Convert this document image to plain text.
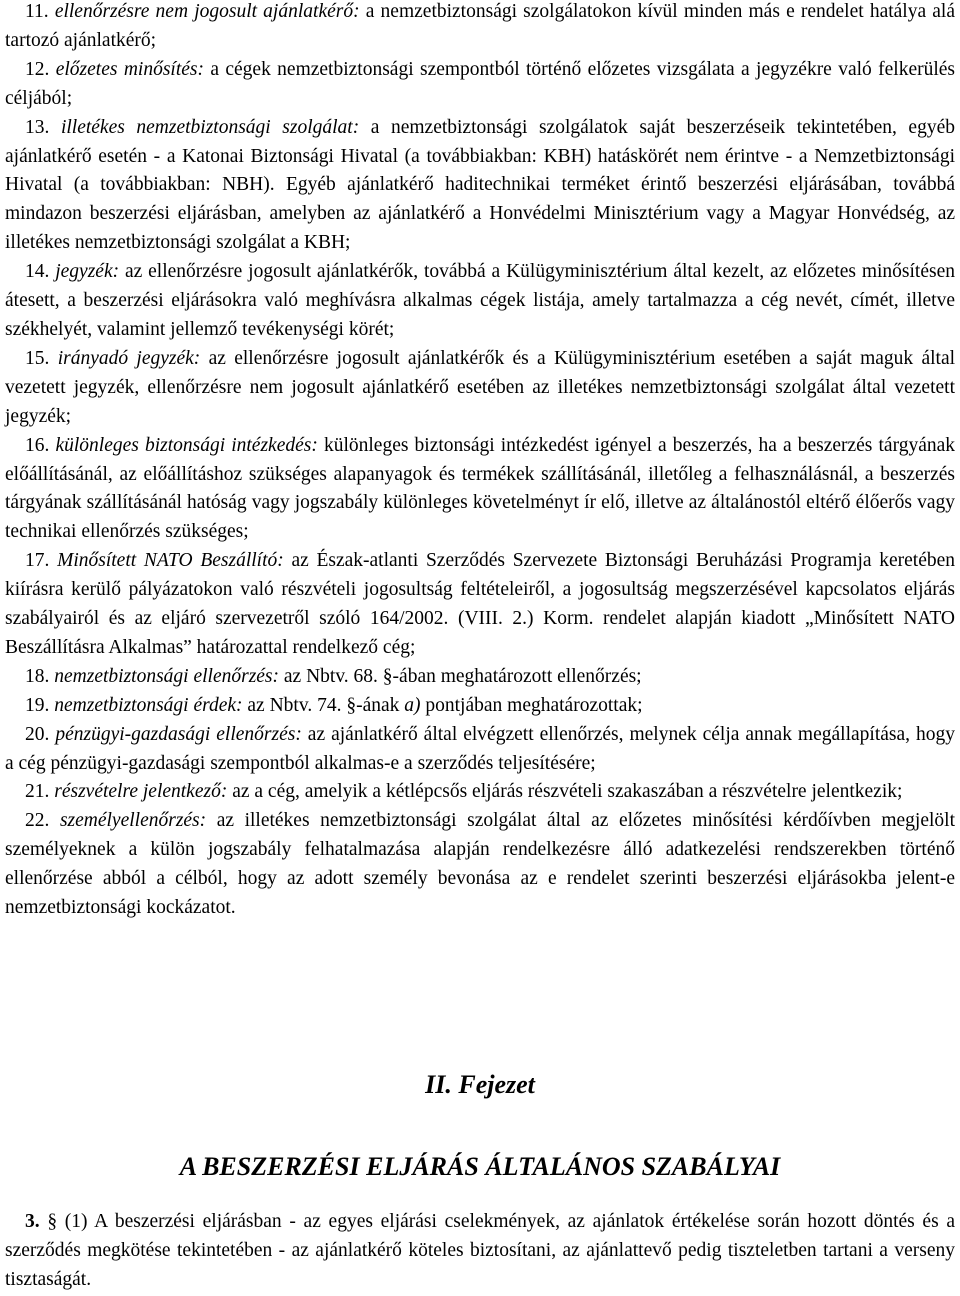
11. ellenőrzésre nem jogosult ajánlatkérő: a nemzetbiztonsági szolgálatokon kívül minden más e rendelet hatálya alá tartozó ajánlatkérő;

12. előzetes minősítés: a cégek nemzetbiztonsági szempontból történő előzetes vizsgálata a jegyzékre való felkerülés céljából;

13. illetékes nemzetbiztonsági szolgálat: a nemzetbiztonsági szolgálatok saját beszerzéseik tekintetében, egyéb ajánlatkérő esetén - a Katonai Biztonsági Hivatal (a továbbiakban: KBH) hatáskörét nem érintve - a Nemzetbiztonsági Hivatal (a továbbiakban: NBH). Egyéb ajánlatkérő haditechnikai terméket érintő beszerzési eljárásában, továbbá mindazon beszerzési eljárásban, amelyben az ajánlatkérő a Honvédelmi Minisztérium vagy a Magyar Honvédség, az illetékes nemzetbiztonsági szolgálat a KBH;

14. jegyzék: az ellenőrzésre jogosult ajánlatkérők, továbbá a Külügyminisztérium által kezelt, az előzetes minősítésen átesett, a beszerzési eljárásokra való meghívásra alkalmas cégek listája, amely tartalmazza a cég nevét, címét, illetve székhelyét, valamint jellemző tevékenységi körét;

15. irányadó jegyzék: az ellenőrzésre jogosult ajánlatkérők és a Külügyminisztérium esetében a saját maguk által vezetett jegyzék, ellenőrzésre nem jogosult ajánlatkérő esetében az illetékes nemzetbiztonsági szolgálat által vezetett jegyzék;

16. különleges biztonsági intézkedés: különleges biztonsági intézkedést igényel a beszerzés, ha a beszerzés tárgyának előállításánál, az előállításhoz szükséges alapanyagok és termékek szállításánál, illetőleg a felhasználásnál, a beszerzés tárgyának szállításánál hatóság vagy jogszabály különleges követelményt ír elő, illetve az általánostól eltérő élőerős vagy technikai ellenőrzés szükséges;

17. Minősített NATO Beszállító: az Észak-atlanti Szerződés Szervezete Biztonsági Beruházási Programja keretében kiírásra kerülő pályázatokon való részvételi jogosultság feltételeiről, a jogosultság megszerzésével kapcsolatos eljárás szabályairól és az eljáró szervezetről szóló 164/2002. (VIII. 2.) Korm. rendelet alapján kiadott „Minősített NATO Beszállításra Alkalmas” határozattal rendelkező cég;

18. nemzetbiztonsági ellenőrzés: az Nbtv. 68. §-ában meghatározott ellenőrzés;

19. nemzetbiztonsági érdek: az Nbtv. 74. §-ának a) pontjában meghatározottak;

20. pénzügyi-gazdasági ellenőrzés: az ajánlatkérő által elvégzett ellenőrzés, melynek célja annak megállapítása, hogy a cég pénzügyi-gazdasági szempontból alkalmas-e a szerződés teljesítésére;

21. részvételre jelentkező: az a cég, amelyik a kétlépcsős eljárás részvételi szakaszában a részvételre jelentkezik;

22. személyellenőrzés: az illetékes nemzetbiztonsági szolgálat által az előzetes minősítési kérdőívben megjelölt személyeknek a külön jogszabály felhatalmazása alapján rendelkezésre álló adatkezelési rendszerekben történő ellenőrzése abból a célból, hogy az adott személy bevonása az e rendelet szerinti beszerzési eljárásokba jelent-e nemzetbiztonsági kockázatot.

II. Fejezet
A BESZERZÉSI ELJÁRÁS ÁLTALÁNOS SZABÁLYAI

3. § (1) A beszerzési eljárásban - az egyes eljárási cselekmények, az ajánlatok értékelése során hozott döntés és a szerződés megkötése tekintetében - az ajánlatkérő köteles biztosítani, az ajánlattevő pedig tiszteletben tartani a verseny tisztaságát.
